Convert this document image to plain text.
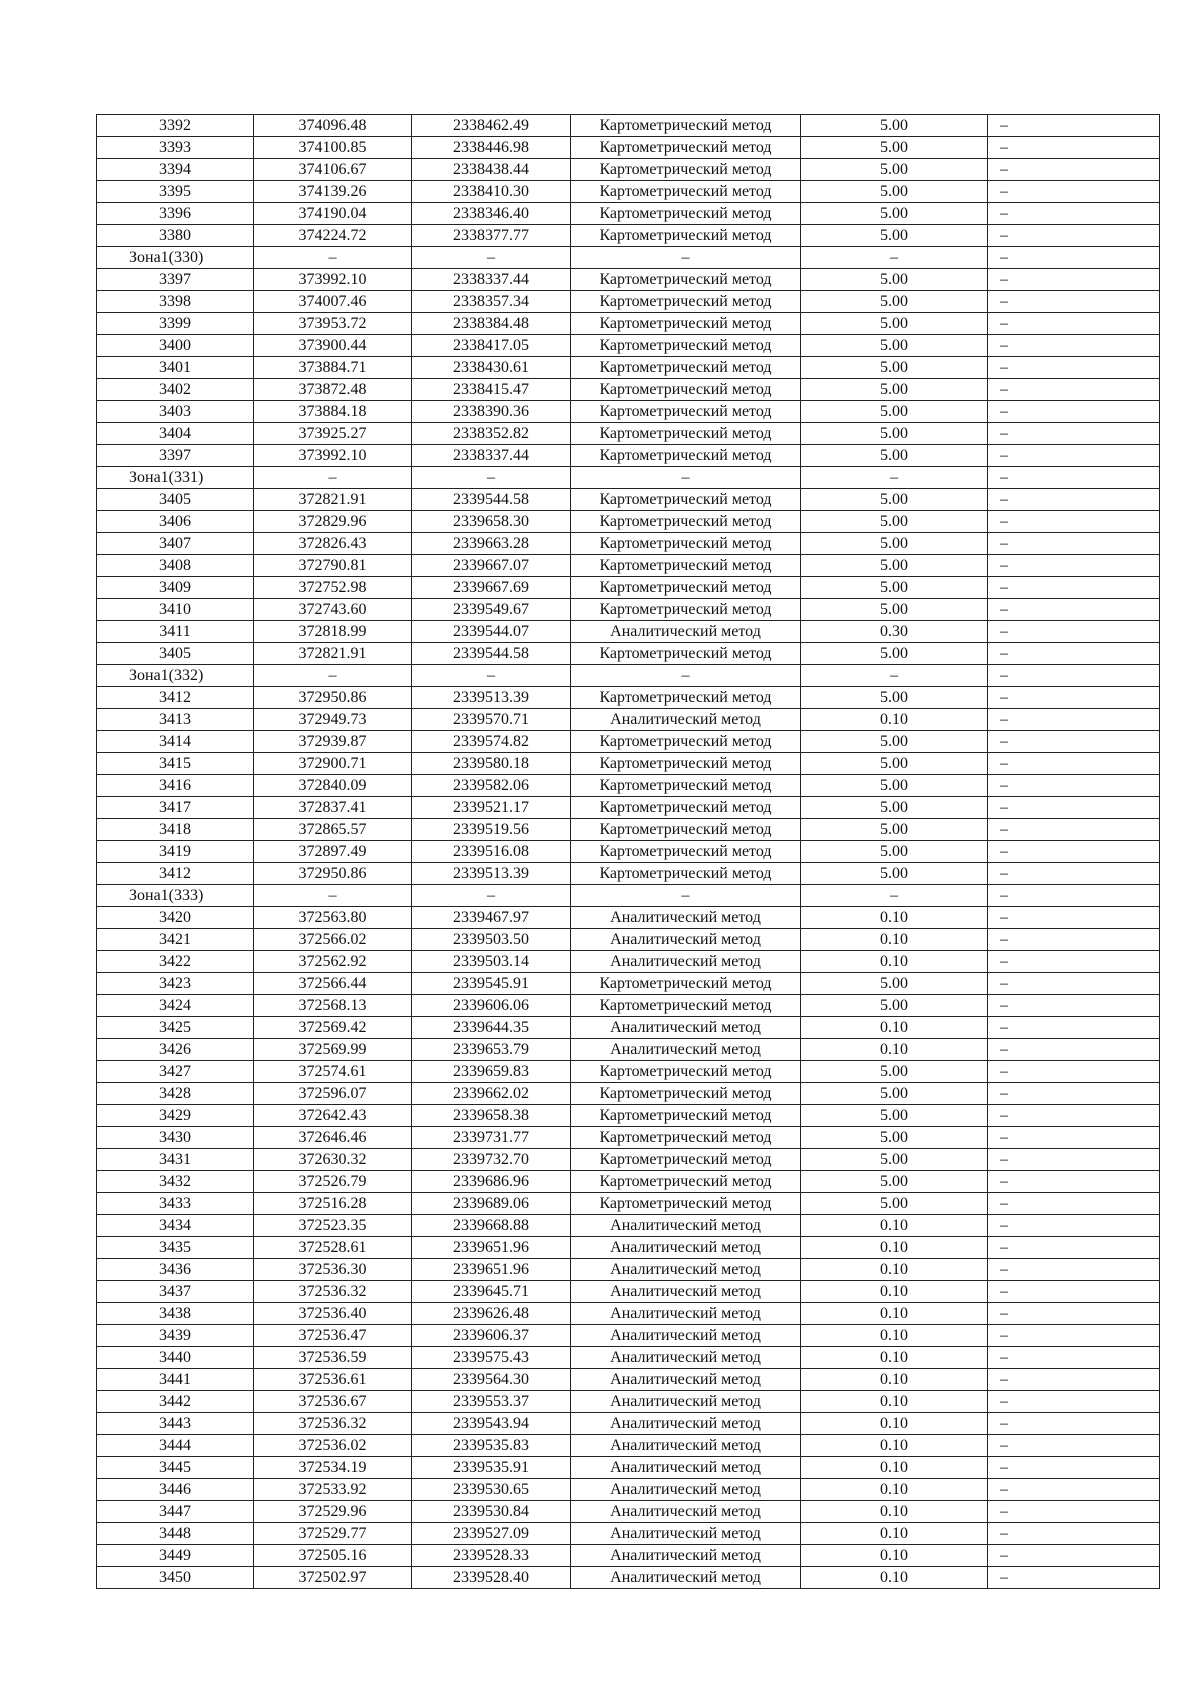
3392	374096.48	2338462.49	Картометрический метод	5.00	–
3393	374100.85	2338446.98	Картометрический метод	5.00	–
3394	374106.67	2338438.44	Картометрический метод	5.00	–
3395	374139.26	2338410.30	Картометрический метод	5.00	–
3396	374190.04	2338346.40	Картометрический метод	5.00	–
3380	374224.72	2338377.77	Картометрический метод	5.00	–
Зона1(330)	–	–	–	–	–
3397	373992.10	2338337.44	Картометрический метод	5.00	–
3398	374007.46	2338357.34	Картометрический метод	5.00	–
3399	373953.72	2338384.48	Картометрический метод	5.00	–
3400	373900.44	2338417.05	Картометрический метод	5.00	–
3401	373884.71	2338430.61	Картометрический метод	5.00	–
3402	373872.48	2338415.47	Картометрический метод	5.00	–
3403	373884.18	2338390.36	Картометрический метод	5.00	–
3404	373925.27	2338352.82	Картометрический метод	5.00	–
3397	373992.10	2338337.44	Картометрический метод	5.00	–
Зона1(331)	–	–	–	–	–
3405	372821.91	2339544.58	Картометрический метод	5.00	–
3406	372829.96	2339658.30	Картометрический метод	5.00	–
3407	372826.43	2339663.28	Картометрический метод	5.00	–
3408	372790.81	2339667.07	Картометрический метод	5.00	–
3409	372752.98	2339667.69	Картометрический метод	5.00	–
3410	372743.60	2339549.67	Картометрический метод	5.00	–
3411	372818.99	2339544.07	Аналитический метод	0.30	–
3405	372821.91	2339544.58	Картометрический метод	5.00	–
Зона1(332)	–	–	–	–	–
3412	372950.86	2339513.39	Картометрический метод	5.00	–
3413	372949.73	2339570.71	Аналитический метод	0.10	–
3414	372939.87	2339574.82	Картометрический метод	5.00	–
3415	372900.71	2339580.18	Картометрический метод	5.00	–
3416	372840.09	2339582.06	Картометрический метод	5.00	–
3417	372837.41	2339521.17	Картометрический метод	5.00	–
3418	372865.57	2339519.56	Картометрический метод	5.00	–
3419	372897.49	2339516.08	Картометрический метод	5.00	–
3412	372950.86	2339513.39	Картометрический метод	5.00	–
Зона1(333)	–	–	–	–	–
3420	372563.80	2339467.97	Аналитический метод	0.10	–
3421	372566.02	2339503.50	Аналитический метод	0.10	–
3422	372562.92	2339503.14	Аналитический метод	0.10	–
3423	372566.44	2339545.91	Картометрический метод	5.00	–
3424	372568.13	2339606.06	Картометрический метод	5.00	–
3425	372569.42	2339644.35	Аналитический метод	0.10	–
3426	372569.99	2339653.79	Аналитический метод	0.10	–
3427	372574.61	2339659.83	Картометрический метод	5.00	–
3428	372596.07	2339662.02	Картометрический метод	5.00	–
3429	372642.43	2339658.38	Картометрический метод	5.00	–
3430	372646.46	2339731.77	Картометрический метод	5.00	–
3431	372630.32	2339732.70	Картометрический метод	5.00	–
3432	372526.79	2339686.96	Картометрический метод	5.00	–
3433	372516.28	2339689.06	Картометрический метод	5.00	–
3434	372523.35	2339668.88	Аналитический метод	0.10	–
3435	372528.61	2339651.96	Аналитический метод	0.10	–
3436	372536.30	2339651.96	Аналитический метод	0.10	–
3437	372536.32	2339645.71	Аналитический метод	0.10	–
3438	372536.40	2339626.48	Аналитический метод	0.10	–
3439	372536.47	2339606.37	Аналитический метод	0.10	–
3440	372536.59	2339575.43	Аналитический метод	0.10	–
3441	372536.61	2339564.30	Аналитический метод	0.10	–
3442	372536.67	2339553.37	Аналитический метод	0.10	–
3443	372536.32	2339543.94	Аналитический метод	0.10	–
3444	372536.02	2339535.83	Аналитический метод	0.10	–
3445	372534.19	2339535.91	Аналитический метод	0.10	–
3446	372533.92	2339530.65	Аналитический метод	0.10	–
3447	372529.96	2339530.84	Аналитический метод	0.10	–
3448	372529.77	2339527.09	Аналитический метод	0.10	–
3449	372505.16	2339528.33	Аналитический метод	0.10	–
3450	372502.97	2339528.40	Аналитический метод	0.10	–
